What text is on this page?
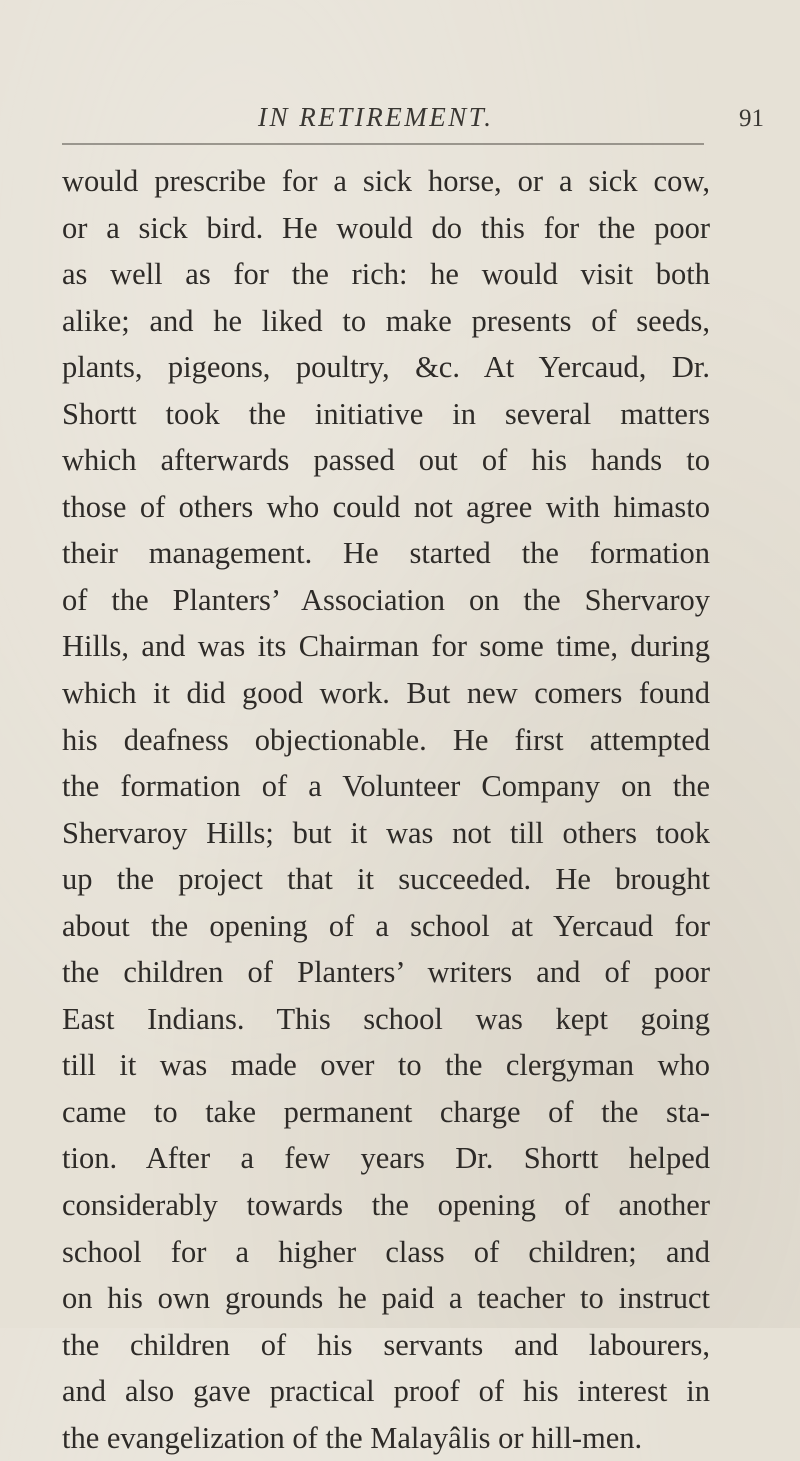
IN RETIREMENT.	91
would prescribe for a sick horse, or a sick cow,
or a sick bird. He would do this for the poor
as well as for the rich: he would visit both
alike; and he liked to make presents of seeds,
plants, pigeons, poultry, &c. At Yercaud, Dr.
Shortt took the initiative in several matters
which afterwards passed out of his hands to
those of others who could not agree with himasto
their management. He started the formation
of the Planters’ Association on the Shervaroy
Hills, and was its Chairman for some time, during
which it did good work. But new comers found
his deafness objectionable. He first attempted
the formation of a Volunteer Company on the
Shervaroy Hills; but it was not till others took
up the project that it succeeded. He brought
about the opening of a school at Yercaud for
the children of Planters’ writers and of poor
East Indians. This school was kept going
till it was made over to the clergyman who
came to take permanent charge of the sta-
tion. After a few years Dr. Shortt helped
considerably towards the opening of another
school for a higher class of children; and
on his own grounds he paid a teacher to instruct
the children of his servants and labourers,
and also gave practical proof of his interest in
the evangelization of the Malayâlis or hill-men.
